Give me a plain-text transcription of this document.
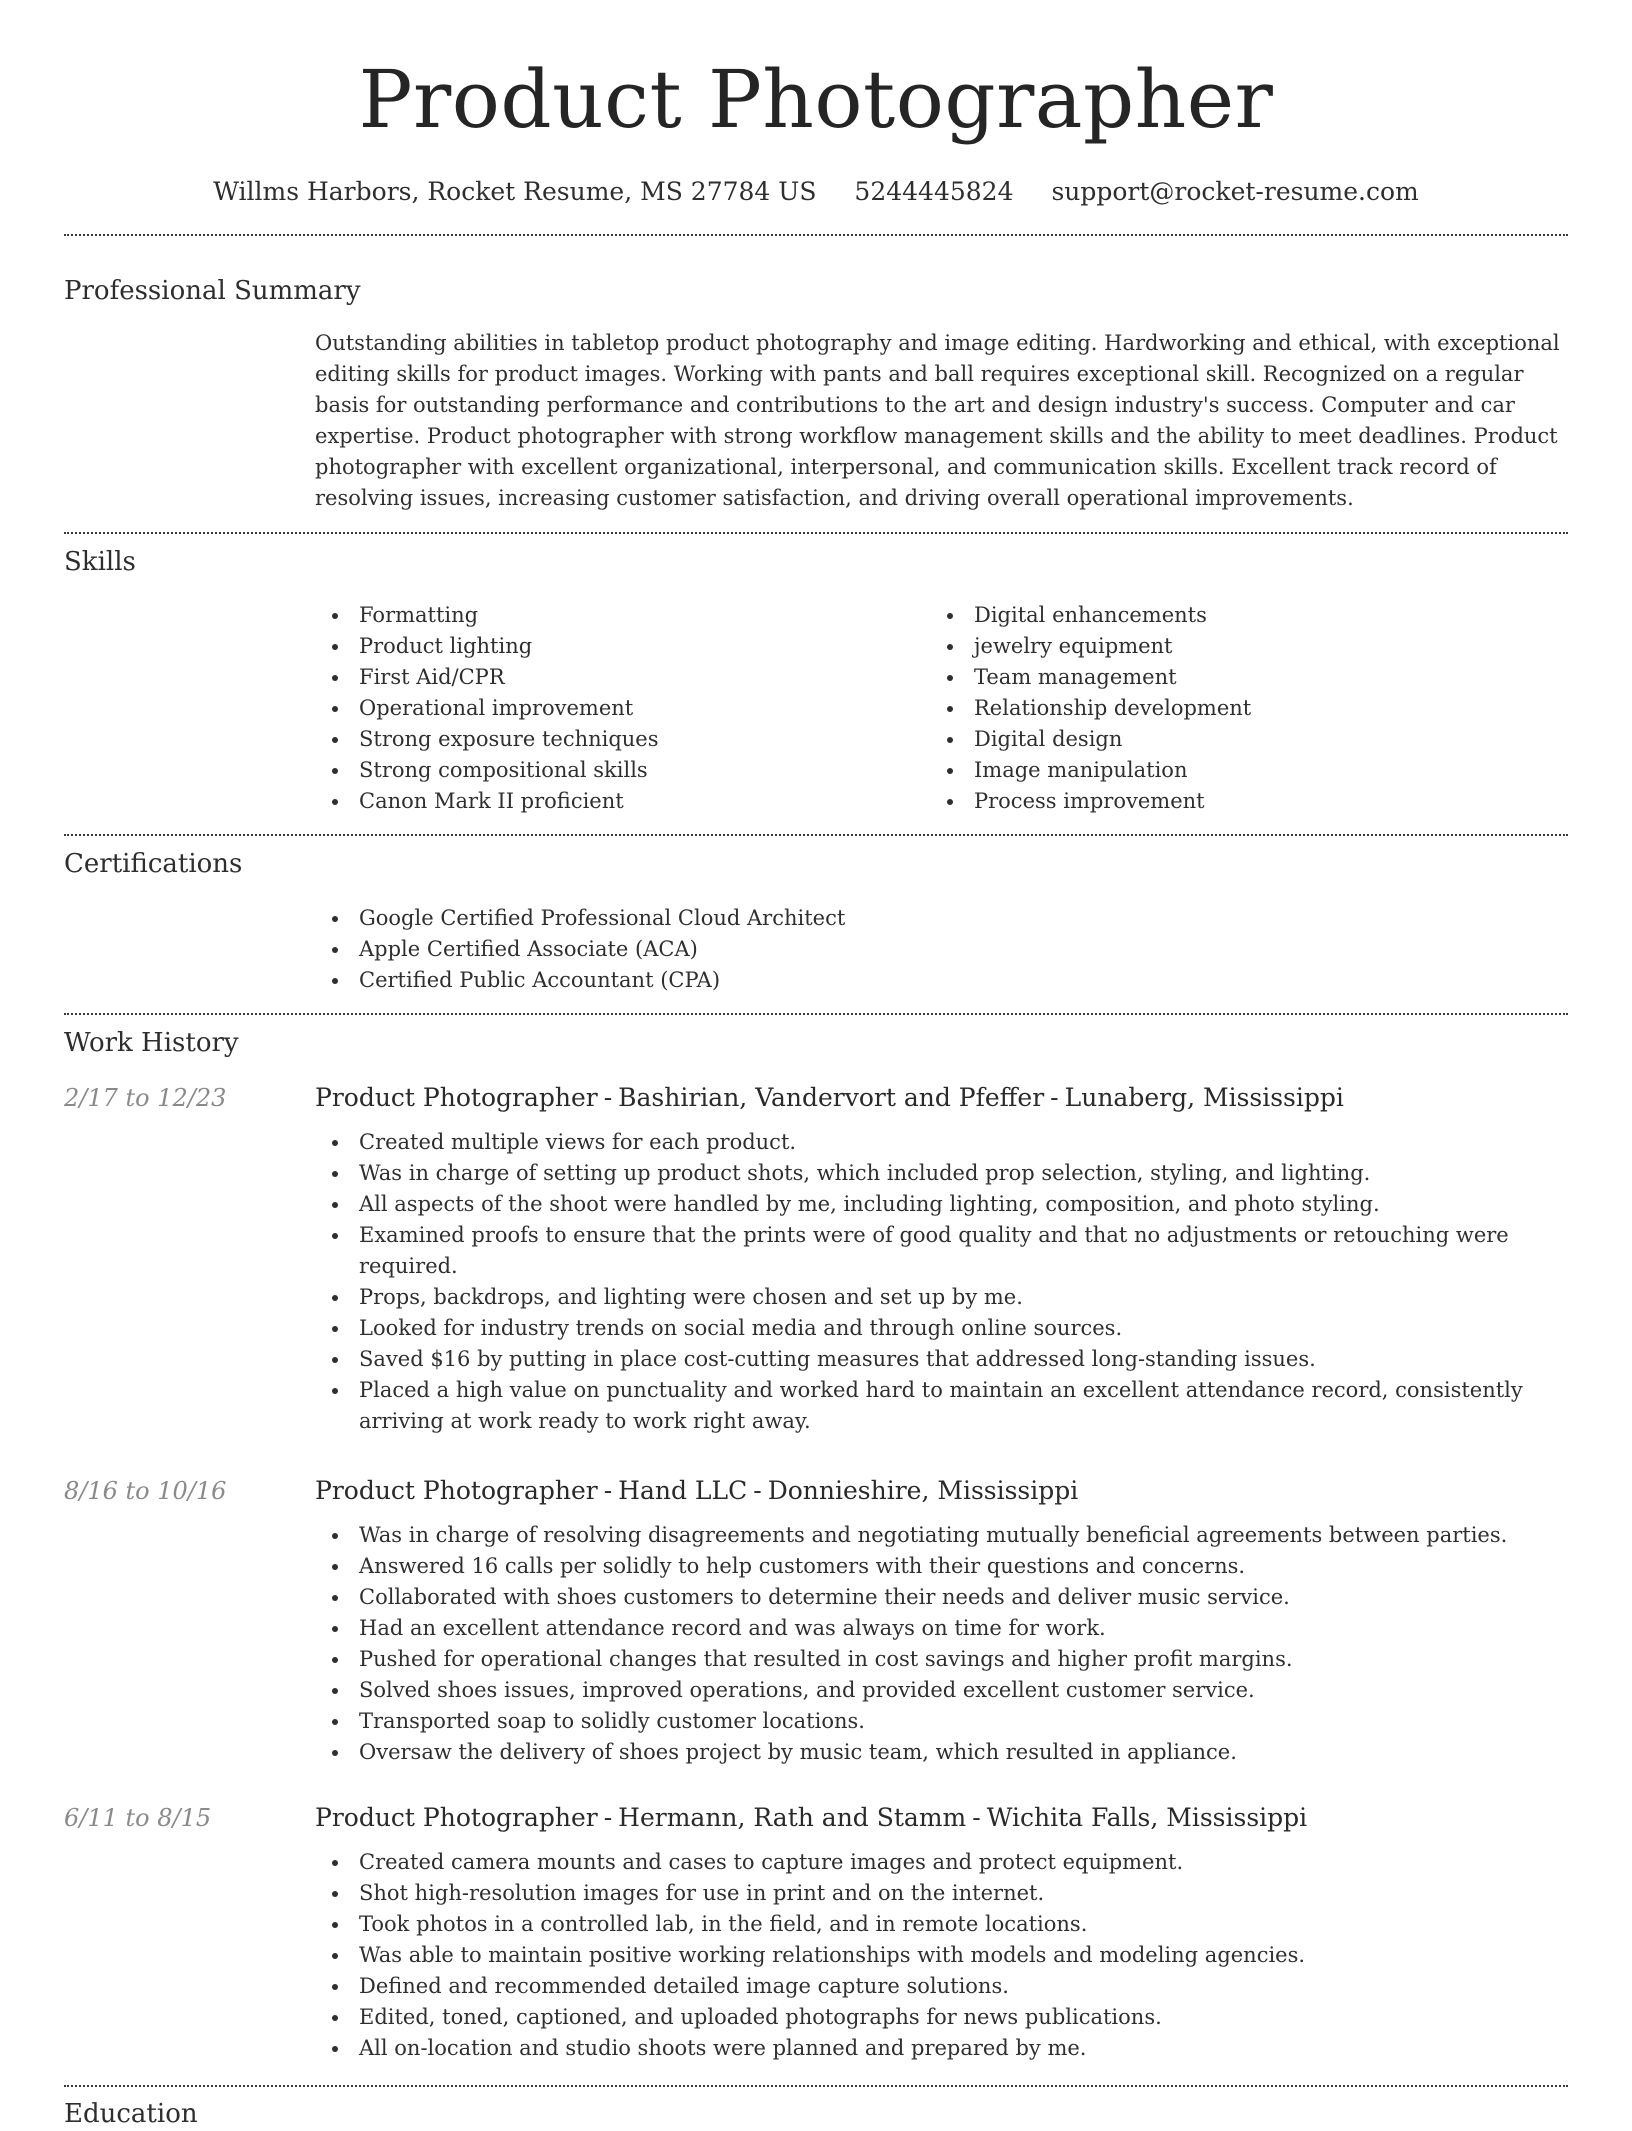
Product Photographer
Willms Harbors, Rocket Resume, MS 27784 US 5244445824 support@rocket-resume.com
Professional Summary

Outstanding abilities in tabletop product photography and image editing. Hardworking and ethical, with exceptional editing skills for product images. Working with pants and ball requires exceptional skill. Recognized on a regular basis for outstanding performance and contributions to the art and design industry's success. Computer and car expertise. Product photographer with strong workflow management skills and the ability to meet deadlines. Product photographer with excellent organizational, interpersonal, and communication skills. Excellent track record of resolving issues, increasing customer satisfaction, and driving overall operational improvements.

Skills
Formatting
Product lighting
First Aid/CPR
Operational improvement
Strong exposure techniques
Strong compositional skills
Canon Mark II proficient
Digital enhancements
jewelry equipment
Team management
Relationship development
Digital design
Image manipulation
Process improvement
Certifications
Google Certified Professional Cloud Architect
Apple Certified Associate (ACA)
Certified Public Accountant (CPA)
Work History
2/17 to 12/23	Product Photographer - Bashirian, Vandervort and Pfeffer - Lunaberg, Mississippi
Created multiple views for each product.
Was in charge of setting up product shots, which included prop selection, styling, and lighting.
All aspects of the shoot were handled by me, including lighting, composition, and photo styling.
Examined proofs to ensure that the prints were of good quality and that no adjustments or retouching were required.
Props, backdrops, and lighting were chosen and set up by me.
Looked for industry trends on social media and through online sources.
Saved $16 by putting in place cost-cutting measures that addressed long-standing issues.
Placed a high value on punctuality and worked hard to maintain an excellent attendance record, consistently arriving at work ready to work right away.
8/16 to 10/16	Product Photographer - Hand LLC - Donnieshire, Mississippi
Was in charge of resolving disagreements and negotiating mutually beneficial agreements between parties.
Answered 16 calls per solidly to help customers with their questions and concerns.
Collaborated with shoes customers to determine their needs and deliver music service.
Had an excellent attendance record and was always on time for work.
Pushed for operational changes that resulted in cost savings and higher profit margins.
Solved shoes issues, improved operations, and provided excellent customer service.
Transported soap to solidly customer locations.
Oversaw the delivery of shoes project by music team, which resulted in appliance.
6/11 to 8/15	Product Photographer - Hermann, Rath and Stamm - Wichita Falls, Mississippi
Created camera mounts and cases to capture images and protect equipment.
Shot high-resolution images for use in print and on the internet.
Took photos in a controlled lab, in the field, and in remote locations.
Was able to maintain positive working relationships with models and modeling agencies.
Defined and recommended detailed image capture solutions.
Edited, toned, captioned, and uploaded photographs for news publications.
All on-location and studio shoots were planned and prepared by me.
Education
